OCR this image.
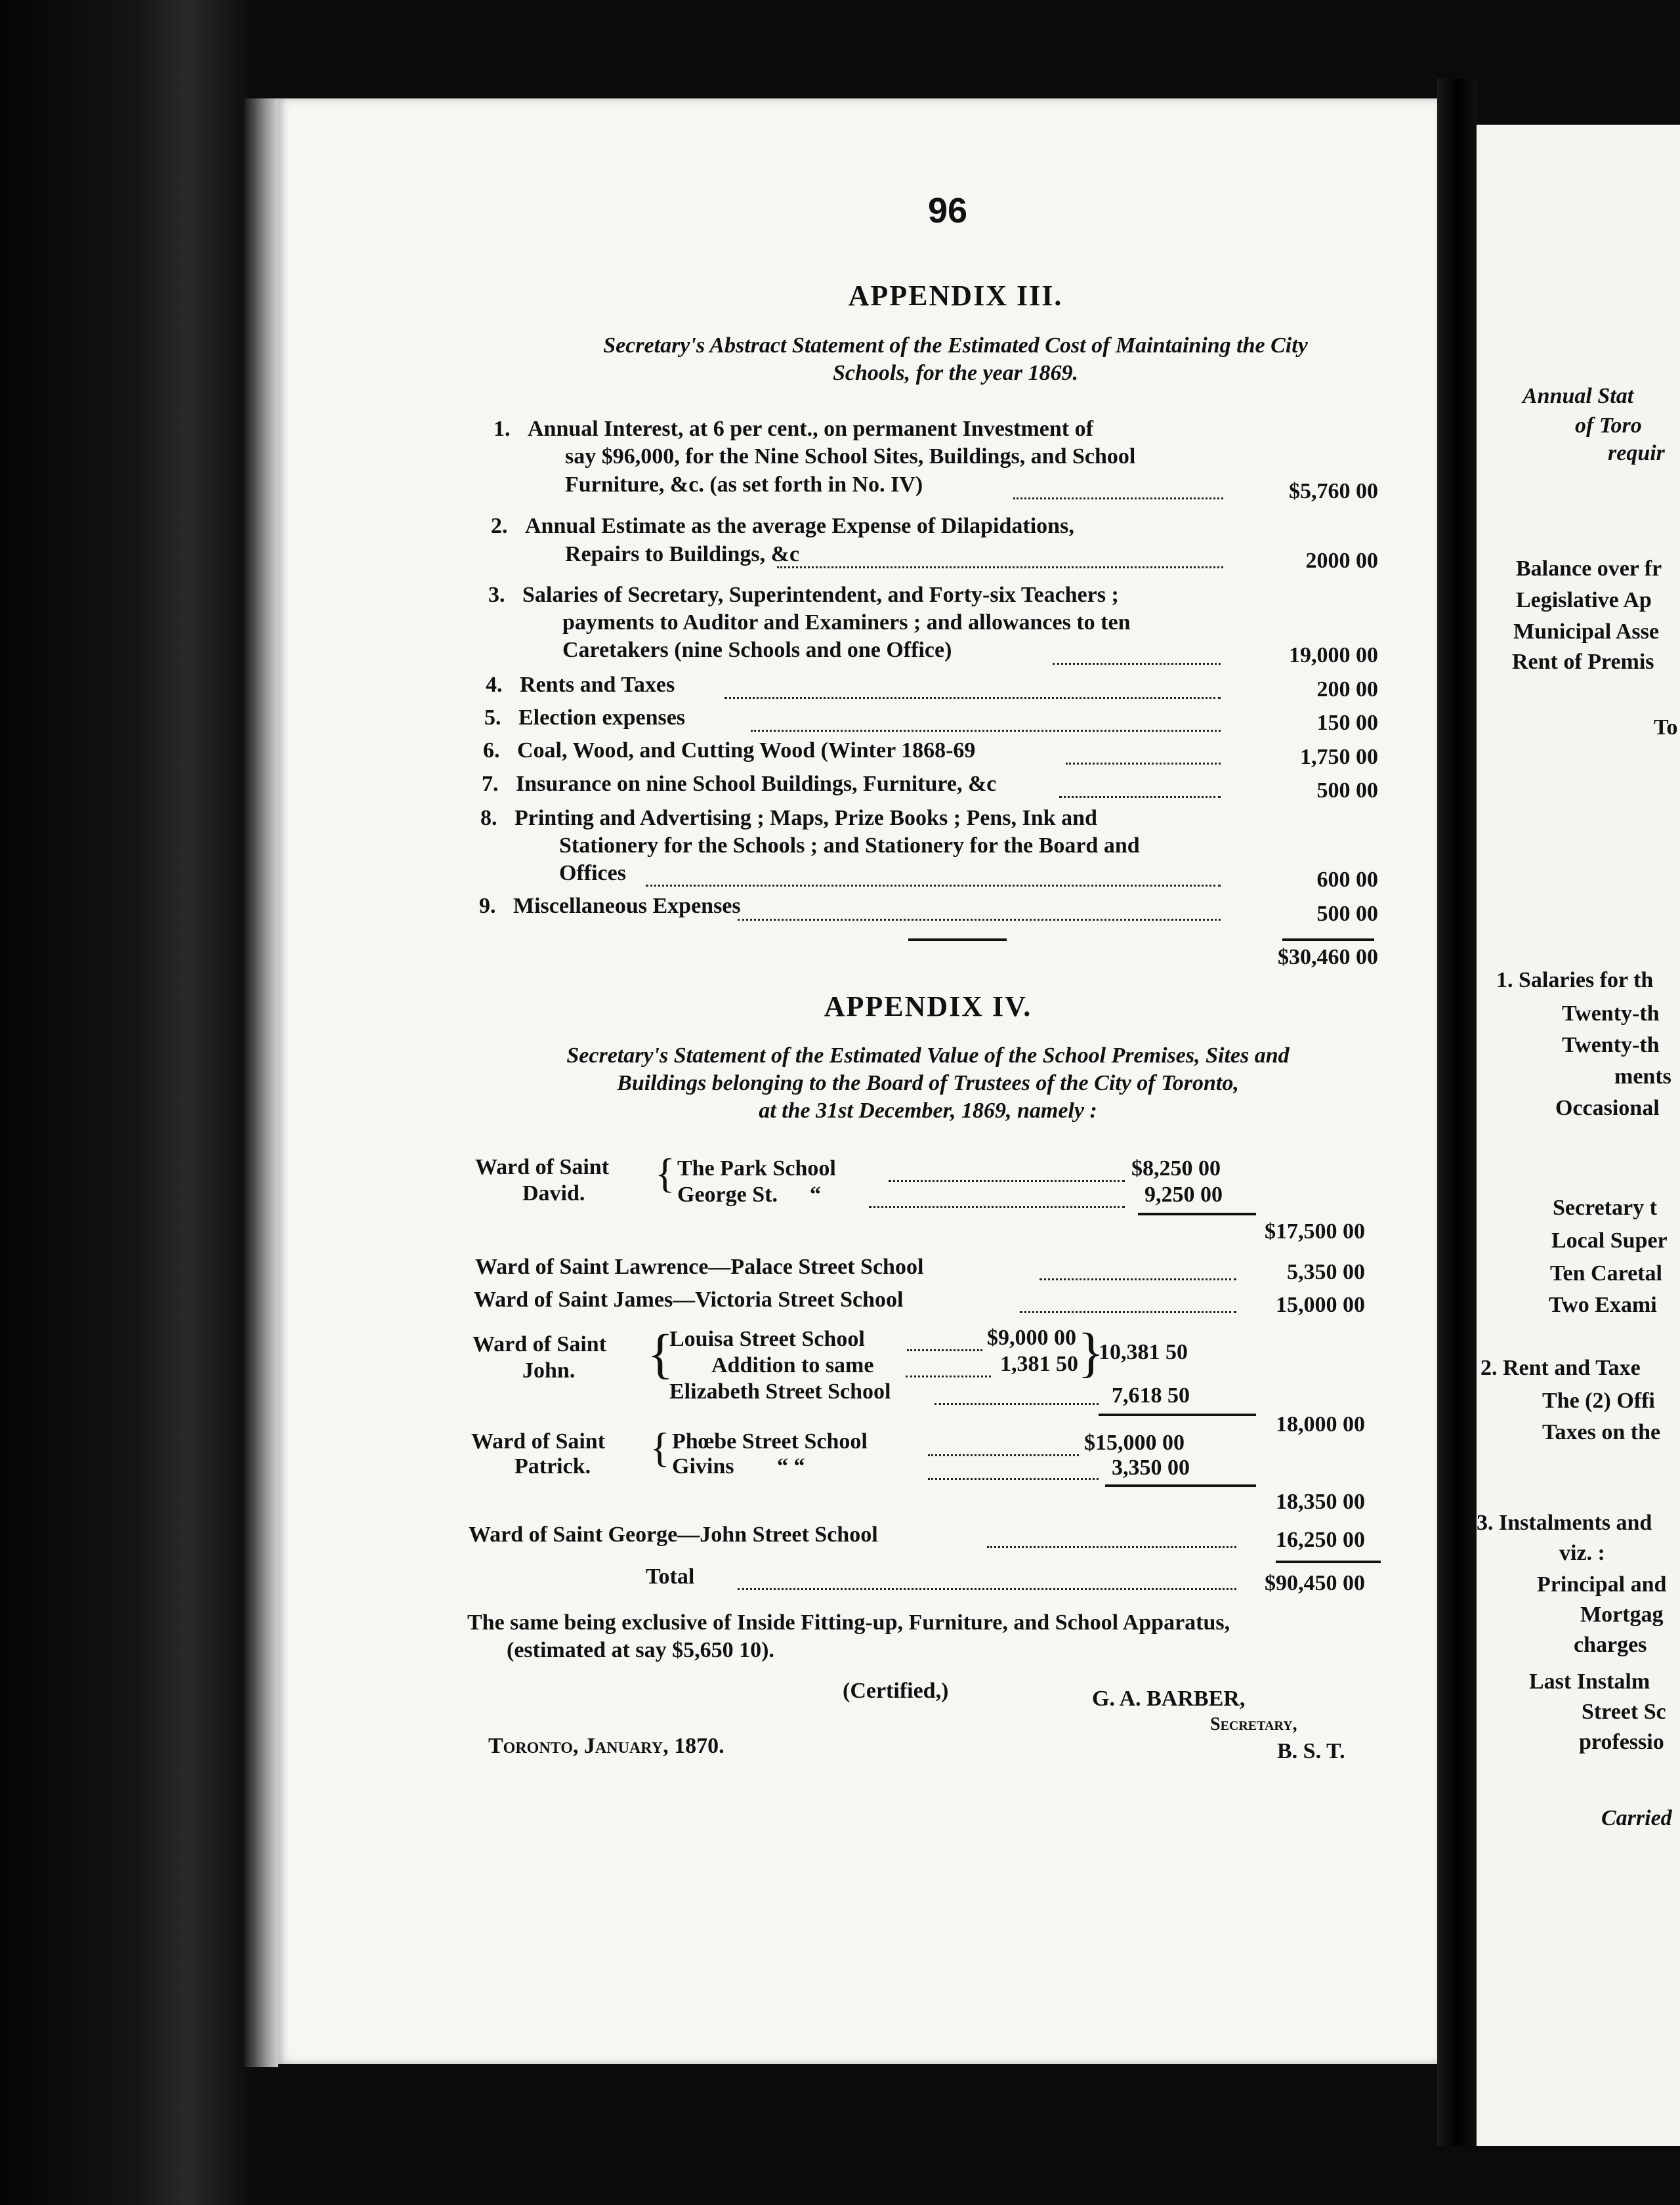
96
APPENDIX III.
Secretary's Abstract Statement of the Estimated Cost of Maintaining the City
Schools, for the year 1869.
1. Annual Interest, at 6 per cent., on permanent Investment of
say $96,000, for the Nine School Sites, Buildings, and School
Furniture, &c. (as set forth in No. IV)	$5,760 00
2. Annual Estimate as the average Expense of Dilapidations,
Repairs to Buildings, &c	2000 00
3. Salaries of Secretary, Superintendent, and Forty-six Teachers ;
payments to Auditor and Examiners ; and allowances to ten
Caretakers (nine Schools and one Office)	19,000 00
4. Rents and Taxes	200 00
5. Election expenses	150 00
6. Coal, Wood, and Cutting Wood (Winter 1868-69	1,750 00
7. Insurance on nine School Buildings, Furniture, &c	500 00
8. Printing and Advertising ; Maps, Prize Books ; Pens, Ink and
Stationery for the Schools ; and Stationery for the Board and
Offices	600 00
9. Miscellaneous Expenses	500 00
$30,460 00
APPENDIX IV.
Secretary's Statement of the Estimated Value of the School Premises, Sites and
Buildings belonging to the Board of Trustees of the City of Toronto,
at the 31st December, 1869, namely :
Ward of Saint
David. { The Park School	$8,250 00
George St. “	9,250 00
$17,500 00
Ward of Saint Lawrence—Palace Street School	5,350 00
Ward of Saint James—Victoria Street School	15,000 00
Ward of Saint
John. {
Louisa Street School	$9,000 00
Addition to same	1,381 50 }
10,381 50
Elizabeth Street School	7,618 50
18,000 00
Ward of Saint
Patrick. { Phœbe Street School	$15,000 00
Givins “ “	3,350 00
18,350 00
Ward of Saint George—John Street School	16,250 00
Total	$90,450 00
The same being exclusive of Inside Fitting-up, Furniture, and School Apparatus,
(estimated at say $5,650 10).
(Certified,)	G. A. BARBER,
Secretary,
B. S. T.
Toronto, January, 1870.
Annual Stat
of Toro
requir
Balance over fr
Legislative Ap
Municipal Asse
Rent of Premis
To
1. Salaries for th
Twenty-th
Twenty-th
ments
Occasional
Secretary t
Local Super
Ten Caretal
Two Exami
2. Rent and Taxe
The (2) Offi
Taxes on the
3. Instalments and
viz. :
Principal and
Mortgag
charges
Last Instalm
Street Sc
professio
Carried
